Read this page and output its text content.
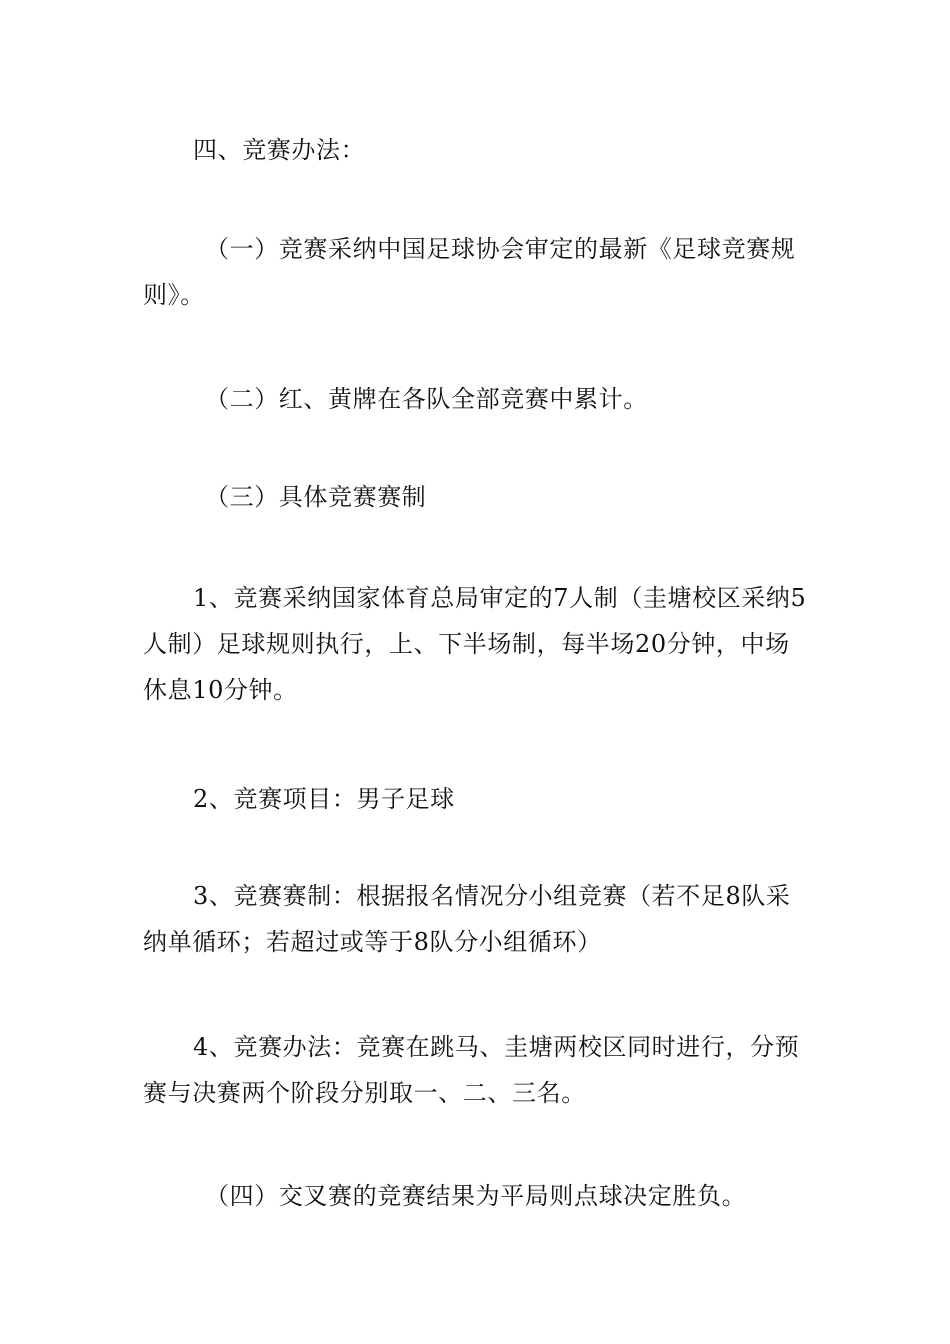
四、竞赛办法：

（一）竞赛采纳中国足球协会审定的最新《足球竞赛规则》。

（二）红、黄牌在各队全部竞赛中累计。

（三）具体竞赛赛制

1、竞赛采纳国家体育总局审定的7人制（圭塘校区采纳5人制）足球规则执行，上、下半场制，每半场20分钟，中场休息10分钟。

2、竞赛项目：男子足球

3、竞赛赛制：根据报名情况分小组竞赛（若不足8队采纳单循环；若超过或等于8队分小组循环）

4、竞赛办法：竞赛在跳马、圭塘两校区同时进行，分预赛与决赛两个阶段分别取一、二、三名。

（四）交叉赛的竞赛结果为平局则点球决定胜负。
